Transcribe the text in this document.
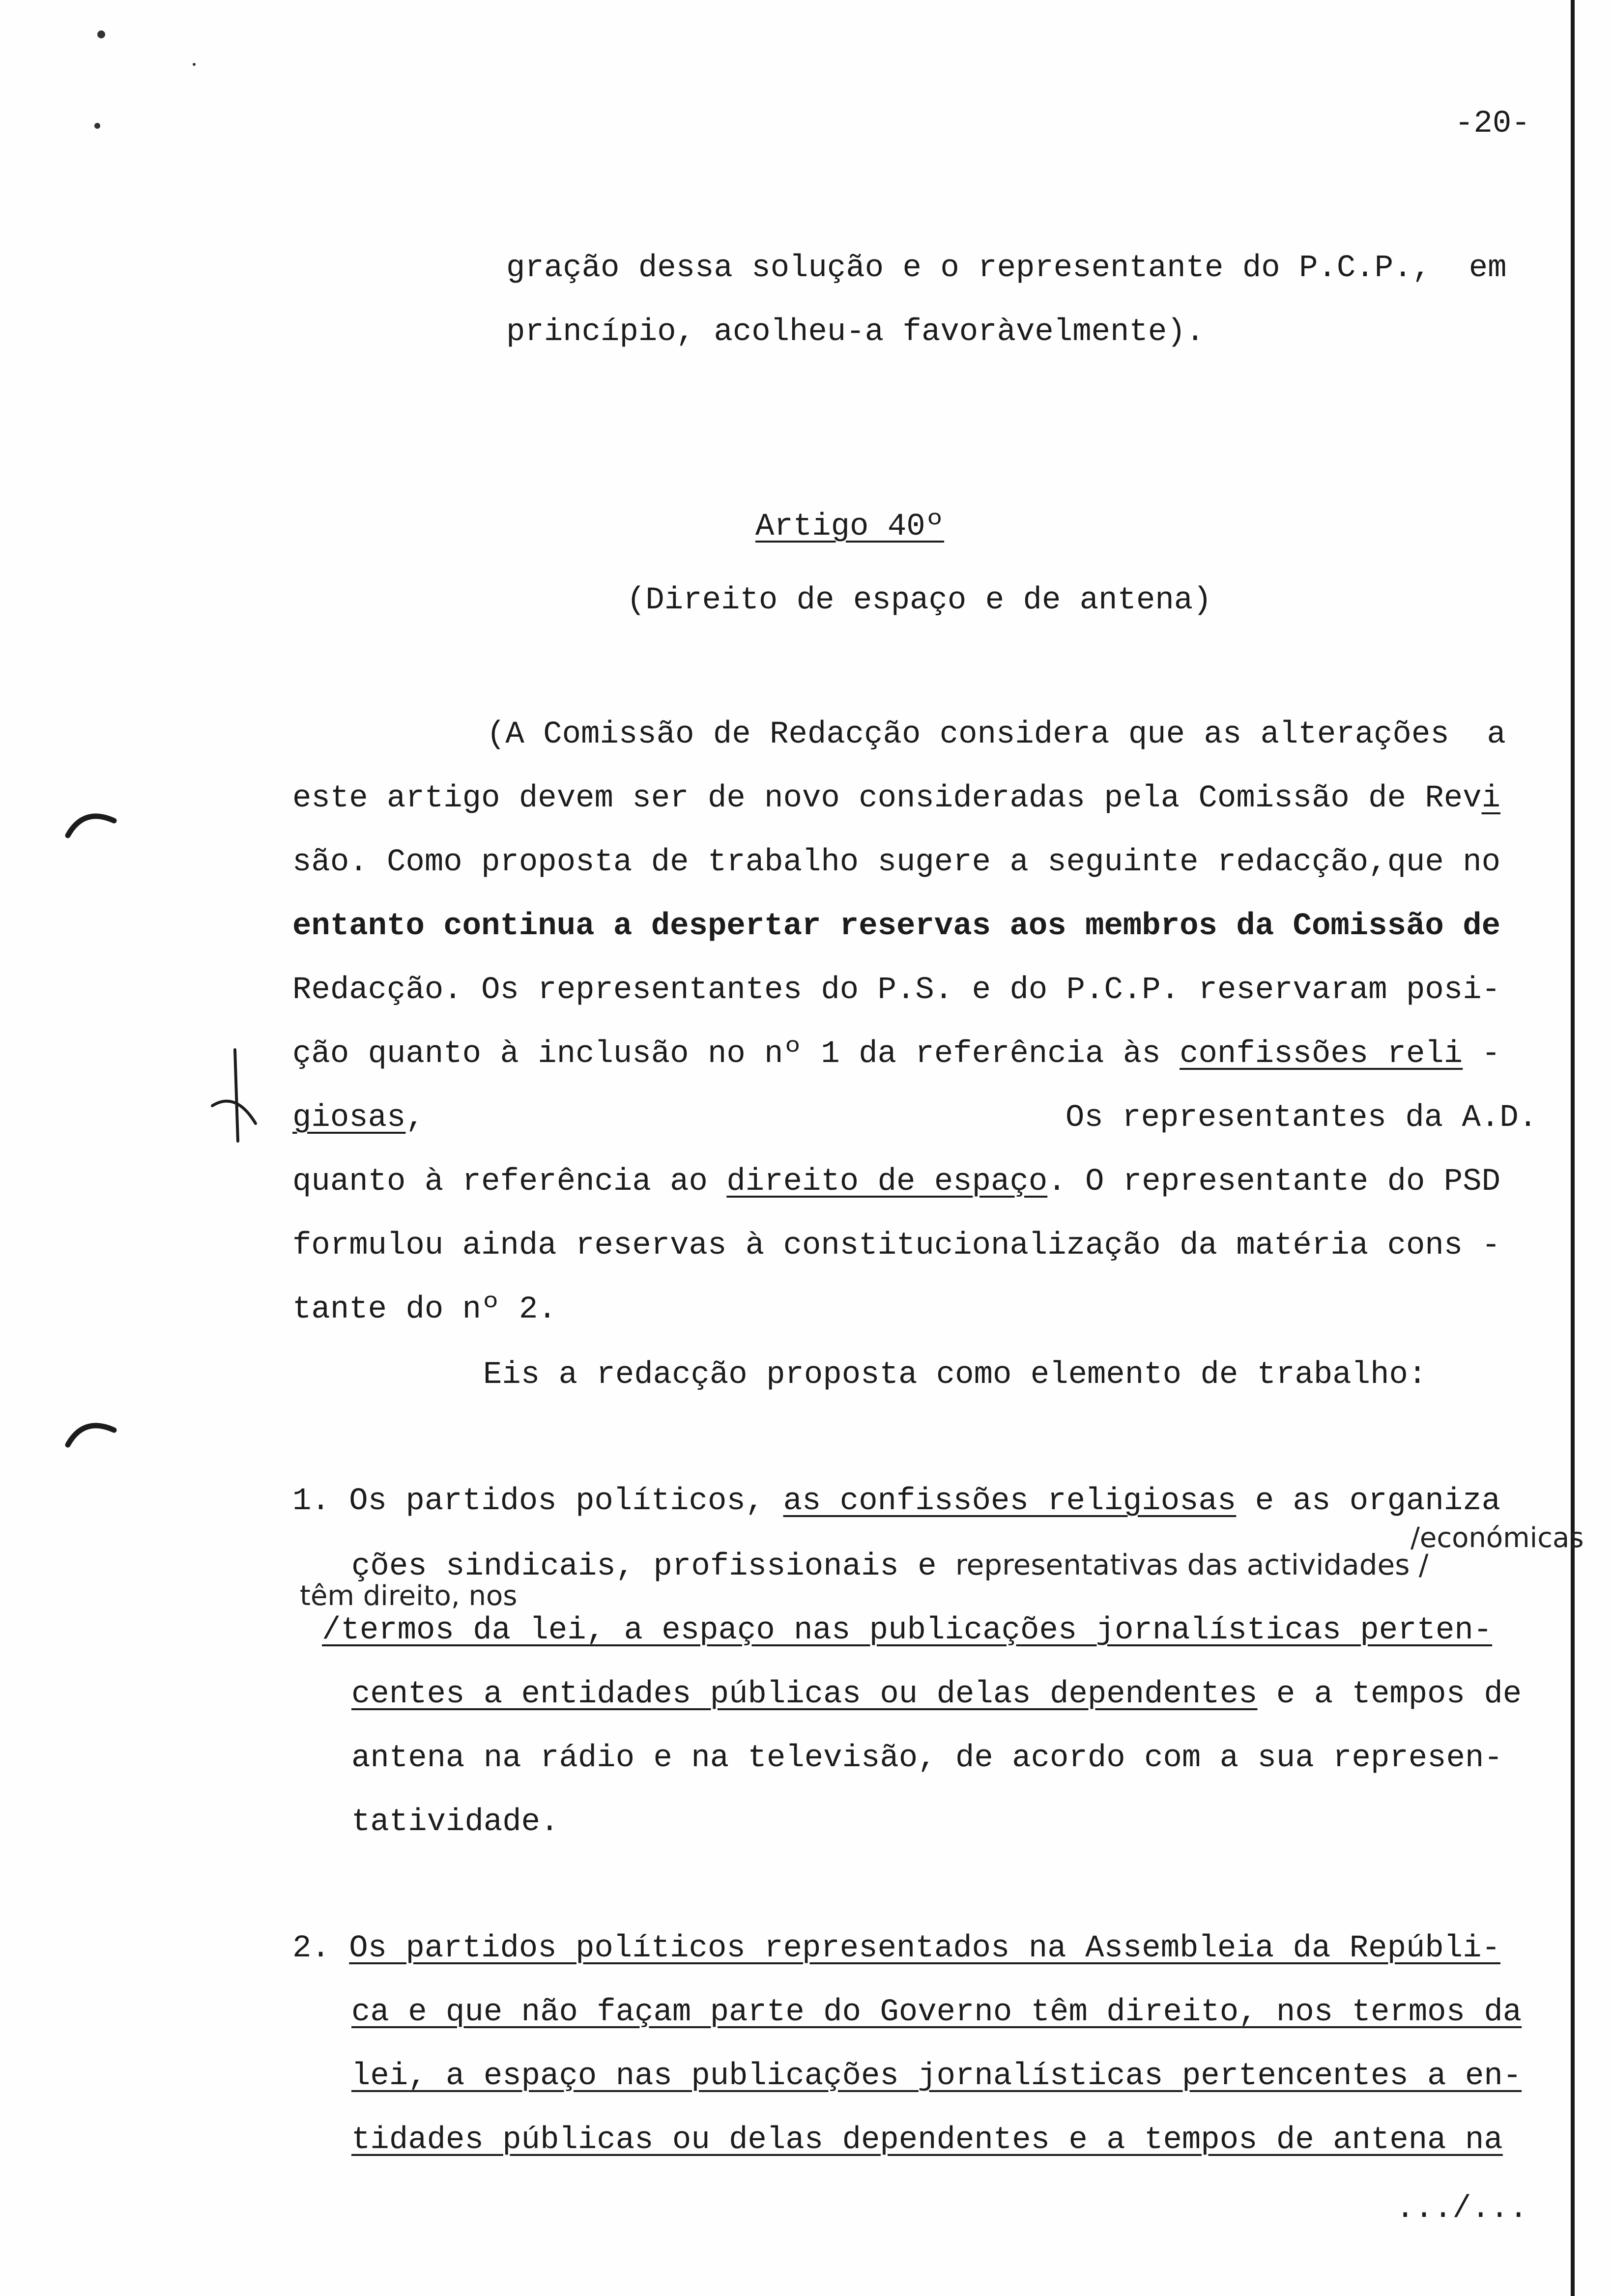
-20-
gração dessa solução e o representante do P.C.P.,  em
princípio, acolheu-a favoràvelmente).
Artigo 40º
(Direito de espaço e de antena)
(A Comissão de Redacção considera que as alterações  a
este artigo devem ser de novo consideradas pela Comissão de Revi
são. Como proposta de trabalho sugere a seguinte redacção,que no
entanto continua a despertar reservas aos membros da Comissão de
Redacção. Os representantes do P.S. e do P.C.P. reservaram posi-
ção quanto à inclusão no nº 1 da referência às confissões reli -
giosas,	Os representantes da A.D.
quanto à referência ao direito de espaço. O representante do PSD
formulou ainda reservas à constitucionalização da matéria cons -
tante do nº 2.
Eis a redacção proposta como elemento de trabalho:
1. Os partidos políticos, as confissões religiosas e as organiza
/económicas
ções sindicais, profissionais e representativas das actividades /
têm direito, nos
/termos da lei, a espaço nas publicações jornalísticas perten-
centes a entidades públicas ou delas dependentes e a tempos de
antena na rádio e na televisão, de acordo com a sua represen-
tatividade.
2. Os partidos políticos representados na Assembleia da Repúbli-
ca e que não façam parte do Governo têm direito, nos termos da
lei, a espaço nas publicações jornalísticas pertencentes a en-
tidades públicas ou delas dependentes e a tempos de antena na
.../...
